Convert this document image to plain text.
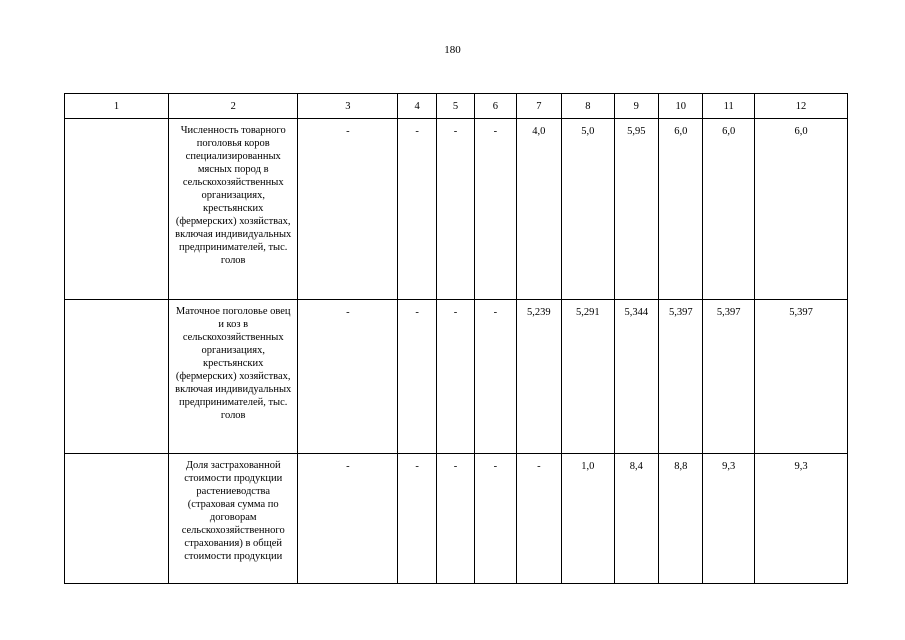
180
1	2	3	4	5	6	7	8	9	10	11	12
	Численность товарного поголовья коров специализированных мясных пород в сельскохозяйственных организациях, крестьянских (фермерских) хозяйствах, включая индивидуальных предпринимателей, тыс. голов	-	-	-	-	4,0	5,0	5,95	6,0	6,0	6,0
	Маточное поголовье овец и коз в сельскохозяйственных организациях, крестьянских (фермерских) хозяйствах, включая индивидуальных предпринимателей, тыс. голов	-	-	-	-	5,239	5,291	5,344	5,397	5,397	5,397
	Доля застрахованной стоимости продукции растениеводства (страховая сумма по договорам сельскохозяйственного страхования) в общей стоимости продукции	-	-	-	-	-	1,0	8,4	8,8	9,3	9,3
